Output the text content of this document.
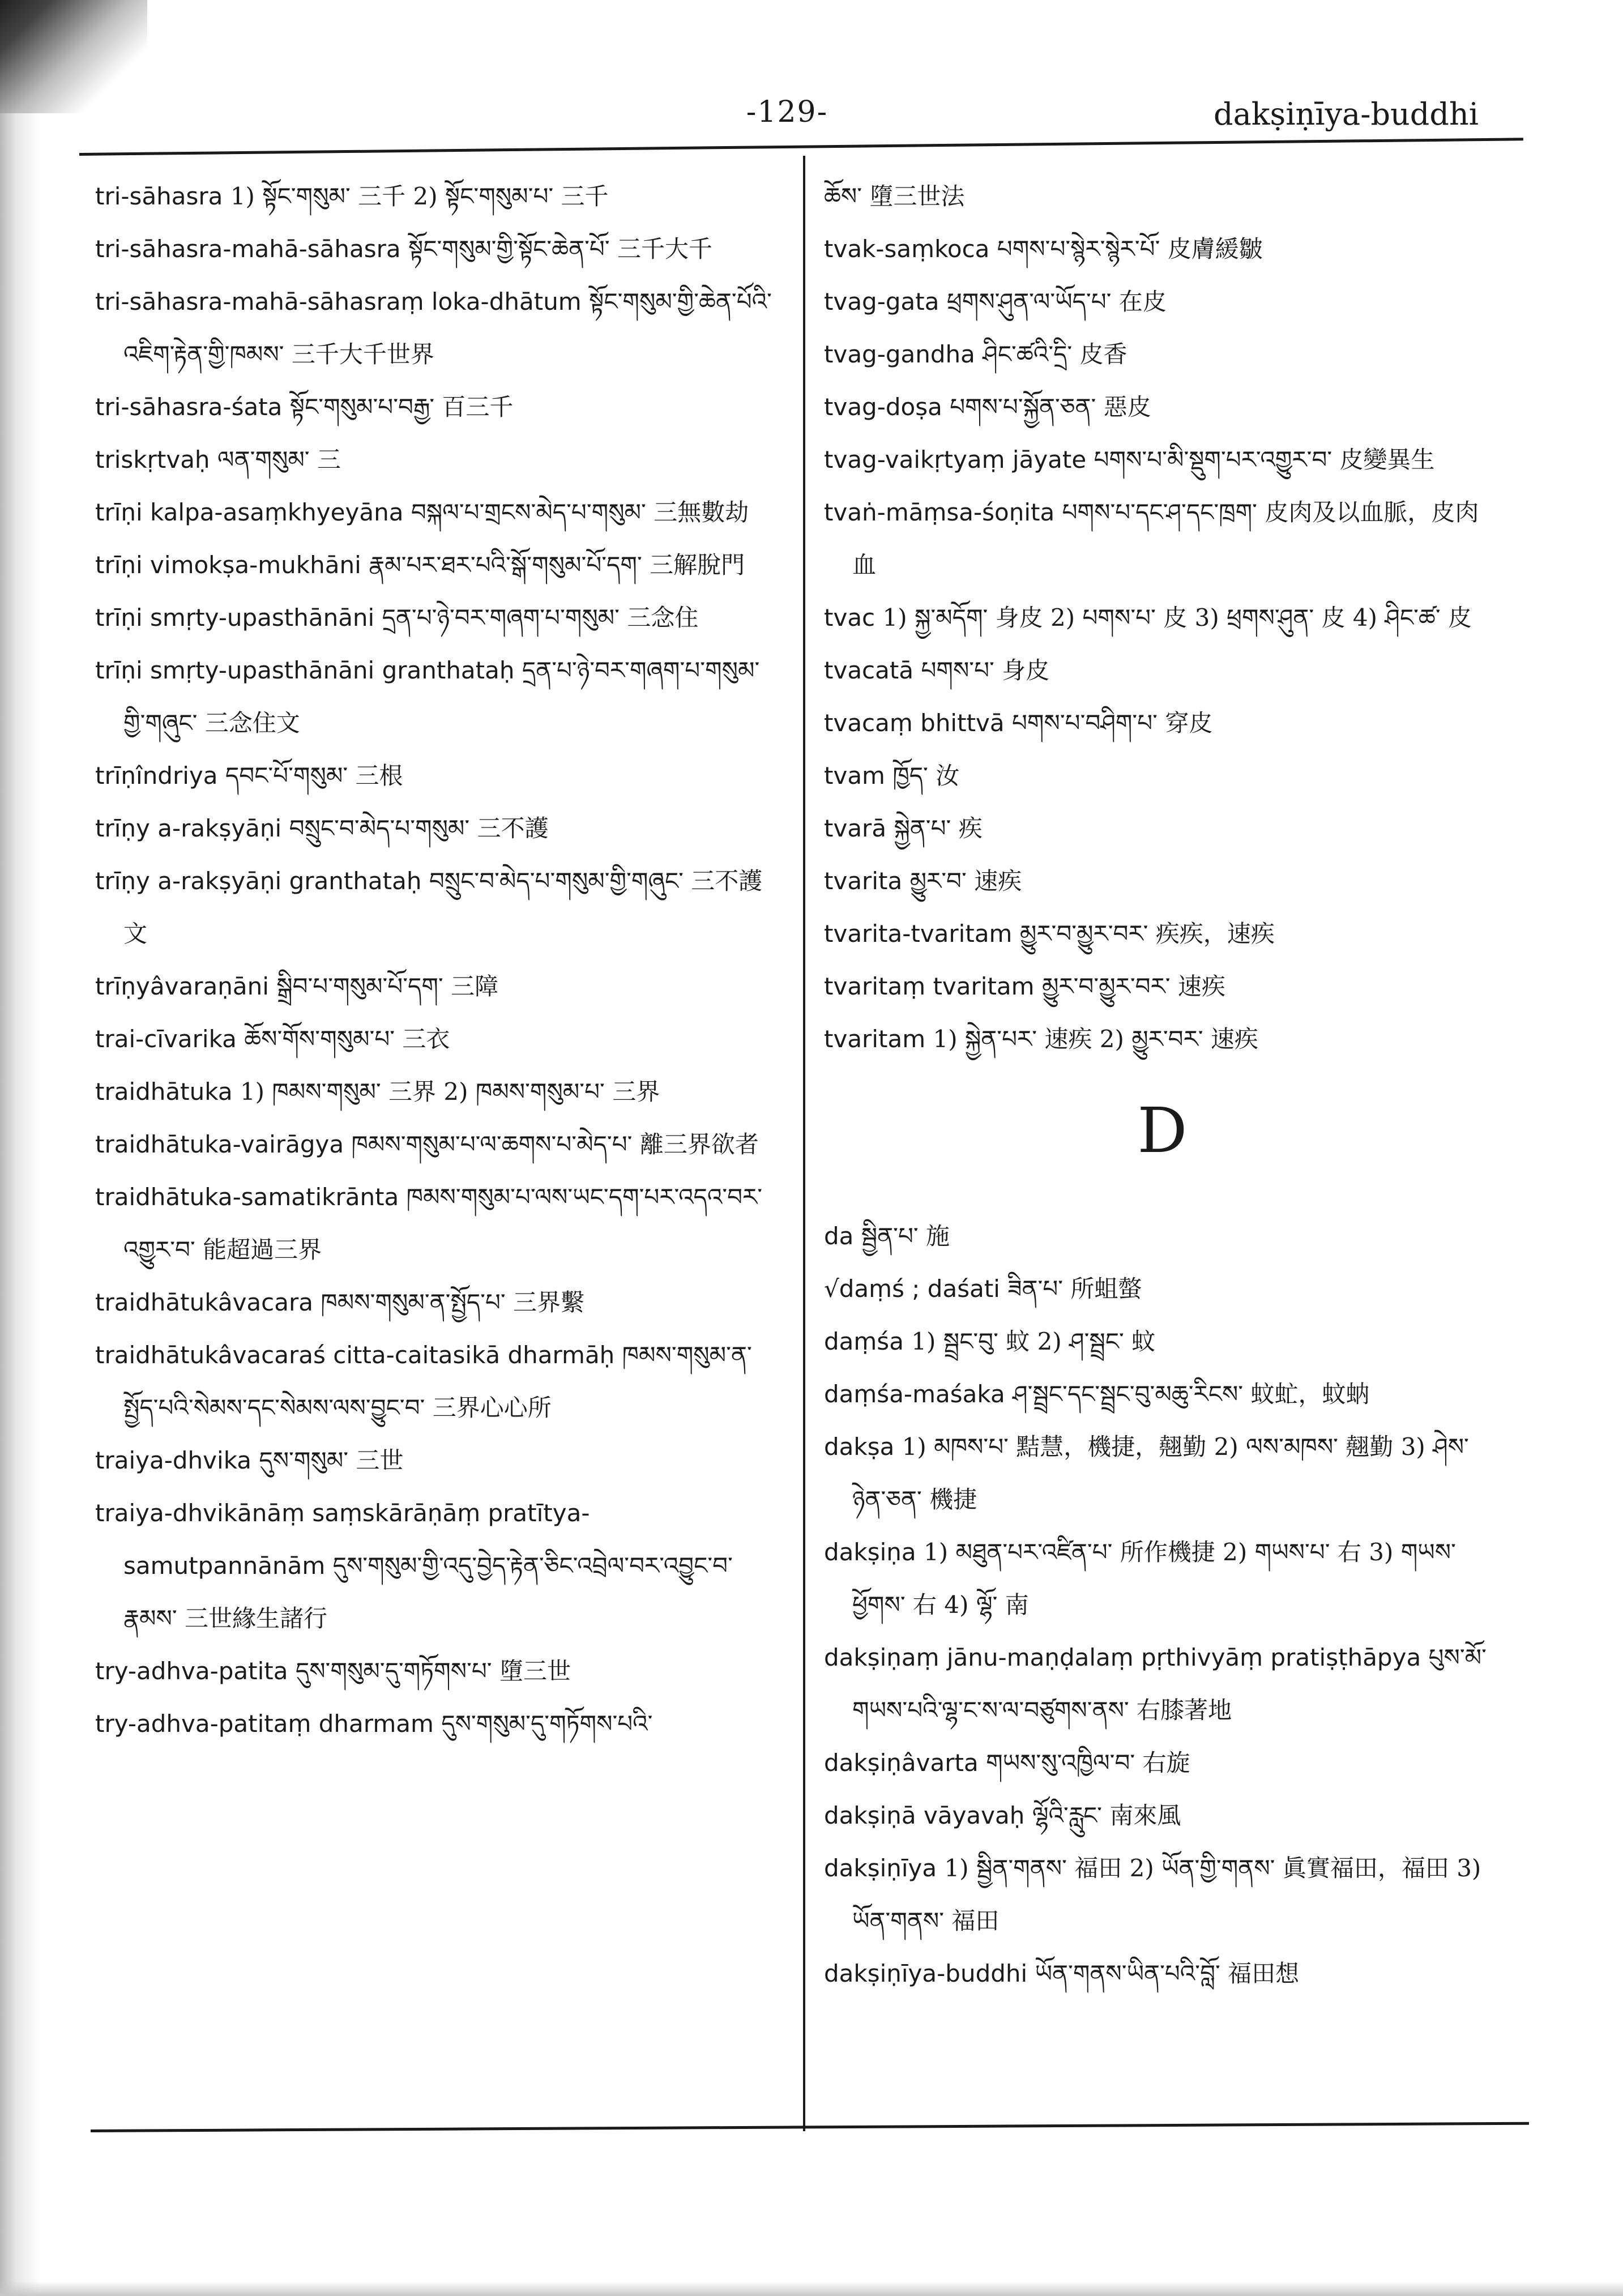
-129-	dakṣiṇīya-buddhi

tri-sāhasra 1) སྟོང་གསུམ་ 三千 2) སྟོང་གསུམ་པ་ 三千

tri-sāhasra-mahā-sāhasra སྟོང་གསུམ་གྱི་སྟོང་ཆེན་པོ་ 三千大千

tri-sāhasra-mahā-sāhasraṃ loka-dhātum སྟོང་གསུམ་གྱི་ཆེན་པོའི་འཇིག་རྟེན་གྱི་ཁམས་ 三千大千世界

tri-sāhasra-śata སྟོང་གསུམ་པ་བརྒྱ་ 百三千

triskṛtvaḥ ལན་གསུམ་ 三

trīṇi kalpa-asaṃkhyeyāna བསྐལ་པ་གྲངས་མེད་པ་གསུམ་ 三無數劫

trīṇi vimokṣa-mukhāni རྣམ་པར་ཐར་པའི་སྒོ་གསུམ་པོ་དག་ 三解脫門

trīṇi smṛty-upasthānāni དྲན་པ་ཉེ་བར་གཞག་པ་གསུམ་ 三念住

trīṇi smṛty-upasthānāni granthataḥ དྲན་པ་ཉེ་བར་གཞག་པ་གསུམ་གྱི་གཞུང་ 三念住文

trīṇîndriya དབང་པོ་གསུམ་ 三根

trīṇy a-rakṣyāṇi བསྲུང་བ་མེད་པ་གསུམ་ 三不護

trīṇy a-rakṣyāṇi granthataḥ བསྲུང་བ་མེད་པ་གསུམ་གྱི་གཞུང་ 三不護文

trīṇyâvaraṇāni སྒྲིབ་པ་གསུམ་པོ་དག་ 三障

trai-cīvarika ཆོས་གོས་གསུམ་པ་ 三衣

traidhātuka 1) ཁམས་གསུམ་ 三界 2) ཁམས་གསུམ་པ་ 三界

traidhātuka-vairāgya ཁམས་གསུམ་པ་ལ་ཆགས་པ་མེད་པ་ 離三界欲者

traidhātuka-samatikrānta ཁམས་གསུམ་པ་ལས་ཡང་དག་པར་འདའ་བར་འགྱུར་བ་ 能超過三界

traidhātukâvacara ཁམས་གསུམ་ན་སྤྱོད་པ་ 三界繫

traidhātukâvacaraś citta-caitasikā dharmāḥ ཁམས་གསུམ་ན་སྤྱོད་པའི་སེམས་དང་སེམས་ལས་བྱུང་བ་ 三界心心所

traiya-dhvika དུས་གསུམ་ 三世

traiya-dhvikānāṃ saṃskārāṇāṃ pratītya-samutpannānām དུས་གསུམ་གྱི་འདུ་བྱེད་རྟེན་ཅིང་འབྲེལ་བར་འབྱུང་བ་རྣམས་ 三世緣生諸行

try-adhva-patita དུས་གསུམ་དུ་གཏོགས་པ་ 墮三世

try-adhva-patitaṃ dharmam དུས་གསུམ་དུ་གཏོགས་པའི་

ཆོས་ 墮三世法

tvak-saṃkoca པགས་པ་སྙེར་སྙེར་པོ་ 皮膚緩皺

tvag-gata ཕྲགས་ཤུན་ལ་ཡོད་པ་ 在皮

tvag-gandha ཤིང་ཚའི་དྲི་ 皮香

tvag-doṣa པགས་པ་སྐྱོན་ཅན་ 惡皮

tvag-vaikṛtyaṃ jāyate པགས་པ་མི་སྡུག་པར་འགྱུར་བ་ 皮變異生

tvaṅ-māṃsa-śoṇita པགས་པ་དང་ཤ་དང་ཁྲག་ 皮肉及以血脈，皮肉血

tvac 1) སྐྱ་མདོག་ 身皮 2) པགས་པ་ 皮 3) ཕྲགས་ཤུན་ 皮 4) ཤིང་ཚ་ 皮

tvacatā པགས་པ་ 身皮

tvacaṃ bhittvā པགས་པ་བཤིག་པ་ 穿皮

tvam ཁྱོད་ 汝

tvarā སྐྱེན་པ་ 疾

tvarita མྱུར་བ་ 速疾

tvarita-tvaritam མྱུར་བ་མྱུར་བར་ 疾疾，速疾

tvaritaṃ tvaritam མྱུར་བ་མྱུར་བར་ 速疾

tvaritam 1) སྐྱེན་པར་ 速疾 2) མྱུར་བར་ 速疾

D

da སྦྱིན་པ་ 施

√daṃś ; daśati ཟིན་པ་ 所蛆螫

daṃśa 1) སྦྲང་བུ་ 蚊 2) ཤ་སྦྲང་ 蚊

daṃśa-maśaka ཤ་སྦྲང་དང་སྦྲང་བུ་མཆུ་རིངས་ 蚊虻，蚊蚋

dakṣa 1) མཁས་པ་ 黠慧，機捷，翹勤 2) ལས་མཁས་ 翹勤 3) ཤེས་ཉེན་ཅན་ 機捷

dakṣiṇa 1) མཐུན་པར་འཛིན་པ་ 所作機捷 2) གཡས་པ་ 右 3) གཡས་ཕྱོགས་ 右 4) ལྷོ་ 南

dakṣiṇaṃ jānu-maṇḍalaṃ pṛthivyāṃ pratiṣṭhāpya པུས་མོ་གཡས་པའི་ལྷ་ང་ས་ལ་བཙུགས་ནས་ 右膝著地

dakṣiṇâvarta གཡས་སུ་འཁྱིལ་བ་ 右旋

dakṣiṇā vāyavaḥ ལྷོའི་རླུང་ 南來風

dakṣiṇīya 1) སྦྱིན་གནས་ 福田 2) ཡོན་གྱི་གནས་ 眞實福田，福田 3) ཡོན་གནས་ 福田

dakṣiṇīya-buddhi ཡོན་གནས་ཡིན་པའི་བློ་ 福田想
